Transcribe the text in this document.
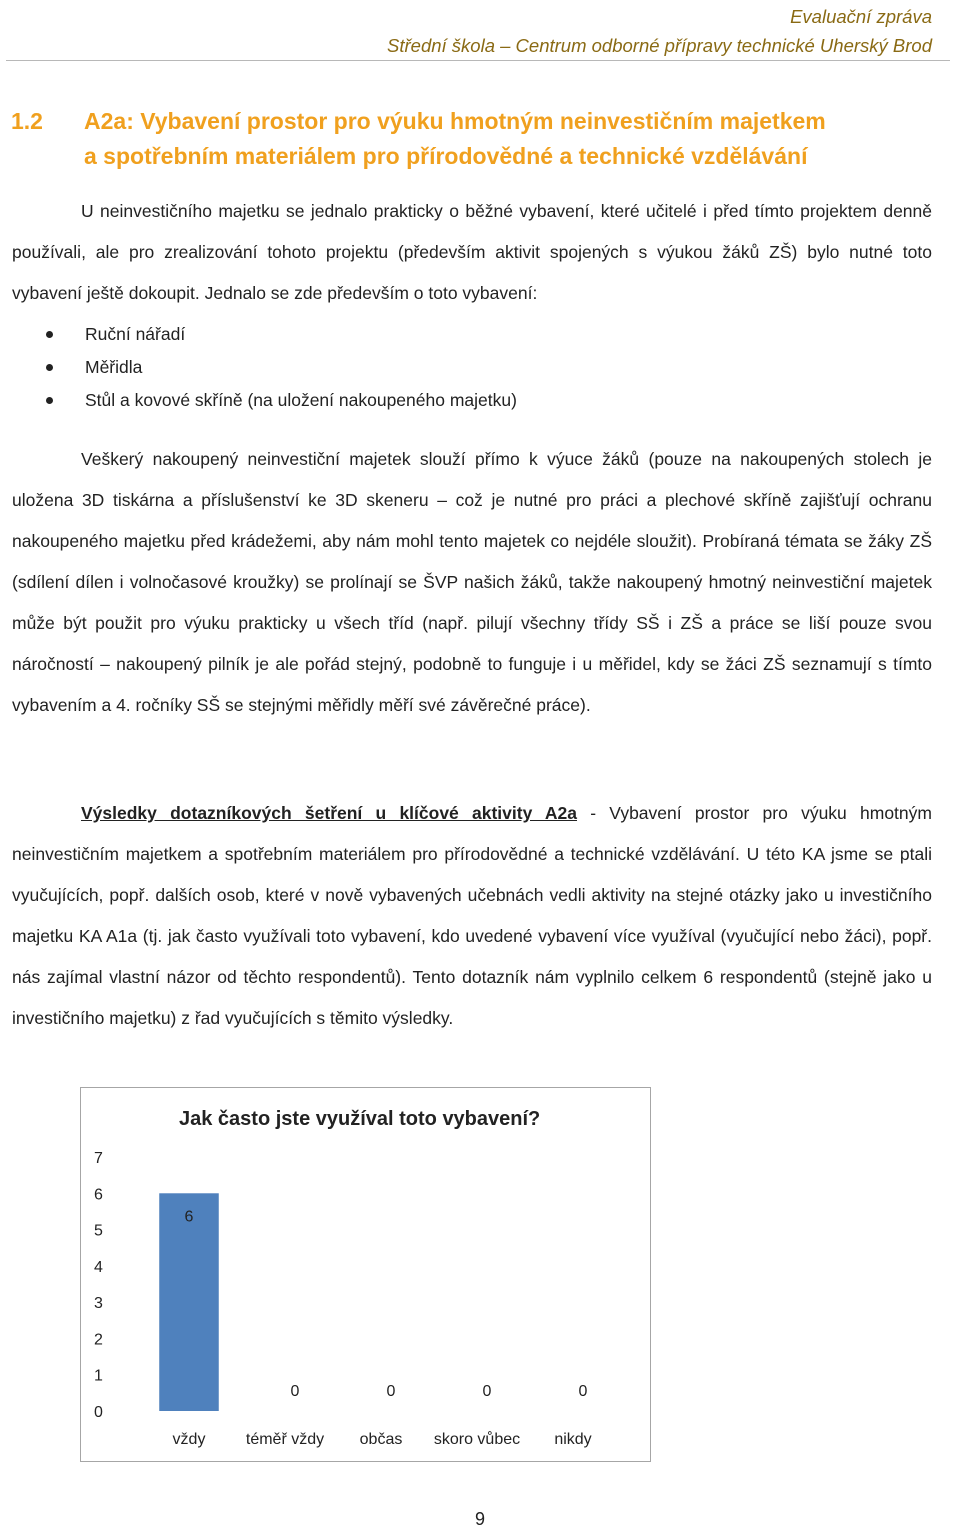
Evaluační zpráva
Střední škola – Centrum odborné přípravy technické Uherský Brod
1.2 A2a: Vybavení prostor pro výuku hmotným neinvestičním majetkem
a spotřebním materiálem pro přírodovědné a technické vzdělávání

U neinvestičního majetku se jednalo prakticky o běžné vybavení, které učitelé i před tímto projektem denně používali, ale pro zrealizování tohoto projektu (především aktivit spojených s výukou žáků ZŠ) bylo nutné toto vybavení ještě dokoupit. Jednalo se zde především o toto vybavení:

Ruční nářadí
Měřidla
Stůl a kovové skříně (na uložení nakoupeného majetku)

Veškerý nakoupený neinvestiční majetek slouží přímo k výuce žáků (pouze na nakoupených stolech je uložena 3D tiskárna a příslušenství ke 3D skeneru – což je nutné pro práci a plechové skříně zajišťují ochranu nakoupeného majetku před krádežemi, aby nám mohl tento majetek co nejdéle sloužit). Probíraná témata se žáky ZŠ (sdílení dílen i volnočasové kroužky) se prolínají se ŠVP našich žáků, takže nakoupený hmotný neinvestiční majetek může být použit pro výuku prakticky u všech tříd (např. pilují všechny třídy SŠ i ZŠ a práce se liší pouze svou náročností – nakoupený pilník je ale pořád stejný, podobně to funguje i u měřidel, kdy se žáci ZŠ seznamují s tímto vybavením a 4. ročníky SŠ se stejnými měřidly měří své závěrečné práce).

Výsledky dotazníkových šetření u klíčové aktivity A2a - Vybavení prostor pro výuku hmotným neinvestičním majetkem a spotřebním materiálem pro přírodovědné a technické vzdělávání. U této KA jsme se ptali vyučujících, popř. dalších osob, které v nově vybavených učebnách vedli aktivity na stejné otázky jako u investičního majetku KA A1a (tj. jak často využívali toto vybavení, kdo uvedené vybavení více využíval (vyučující nebo žáci), popř. nás zajímal vlastní názor od těchto respondentů). Tento dotazník nám vyplnilo celkem 6 respondentů (stejně jako u investičního majetku) z řad vyučujících s těmito výsledky.

Jak často jste využíval toto vybavení?
0
1
2
3
4
5
6
7
6
vždy
0
téměř vždy
0
občas
0
skoro vůbec
0
nikdy
9
